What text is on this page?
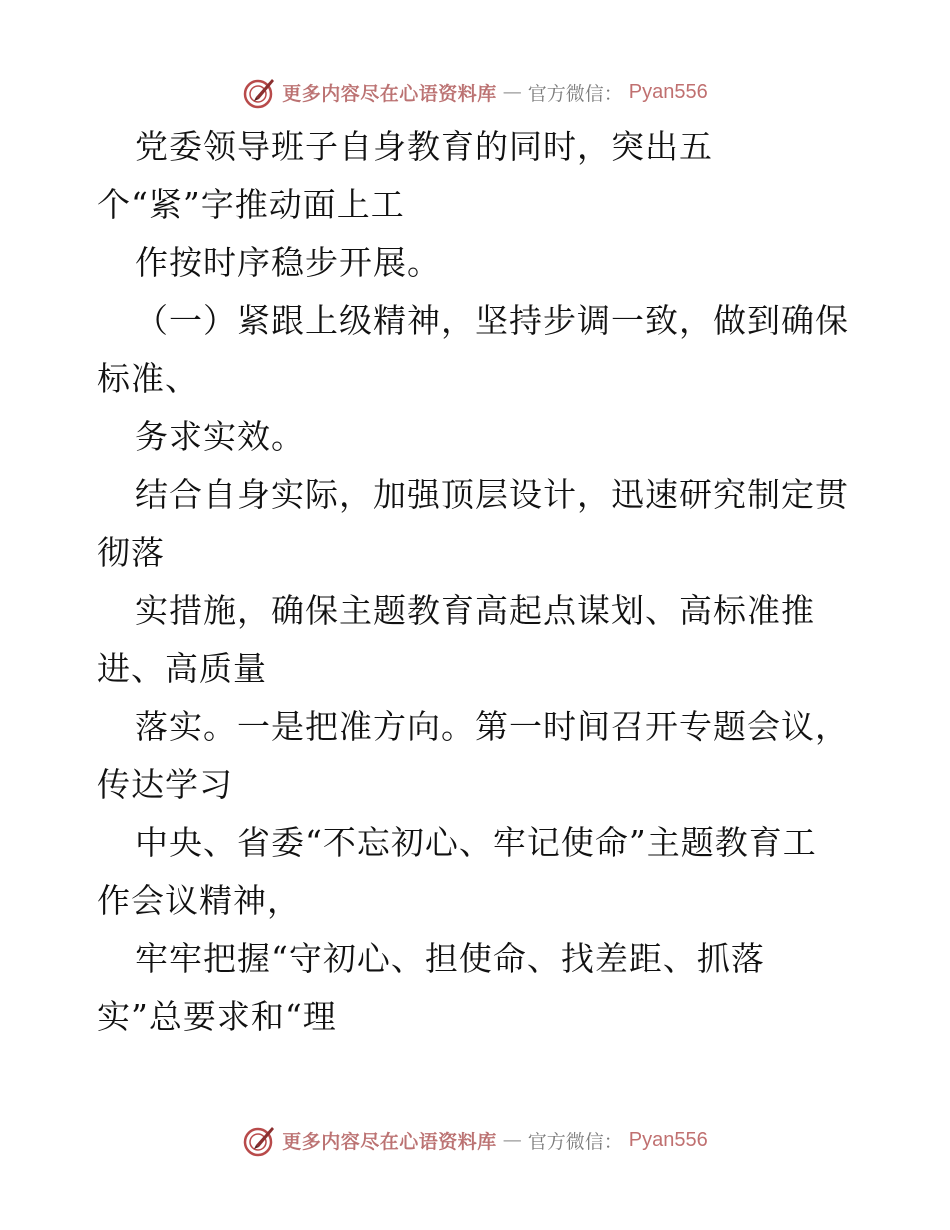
更多内容尽在心语资料库 — 官方微信： Pyan556
党委领导班子自身教育的同时，突出五
个“紧”字推动面上工
作按时序稳步开展。
（一）紧跟上级精神，坚持步调一致，做到确保
标准、
务求实效。
结合自身实际，加强顶层设计，迅速研究制定贯
彻落
实措施，确保主题教育高起点谋划、高标准推
进、高质量
落实。一是把准方向。第一时间召开专题会议，
传达学习
中央、省委“不忘初心、牢记使命”主题教育工
作会议精神，
牢牢把握“守初心、担使命、找差距、抓落
实”总要求和“理
更多内容尽在心语资料库 — 官方微信： Pyan556
